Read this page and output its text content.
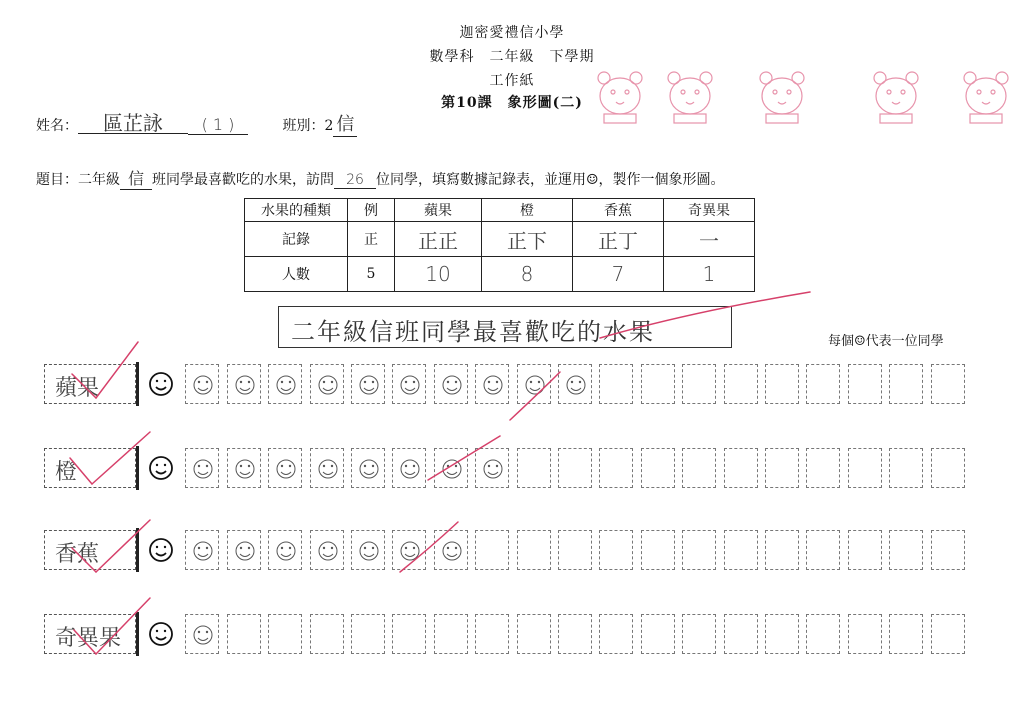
迦密愛禮信小學
數學科　二年級　下學期
工作紙
第10課　象形圖(二)
姓名： 區芷詠 ( 1 )	班別：2 信
題目：二年級 信 班同學最喜歡吃的水果，訪問 26 位同學，填寫數據記錄表，並運用☺，製作一個象形圖。
水果的種類	例	蘋果	橙	香蕉	奇異果
記錄	正	正正	正下	正丁	一
人數	5	10	8	7	1
二年級信班同學最喜歡吃的水果	每個☺代表一位同學
蘋果
橙
香蕉
奇異果
